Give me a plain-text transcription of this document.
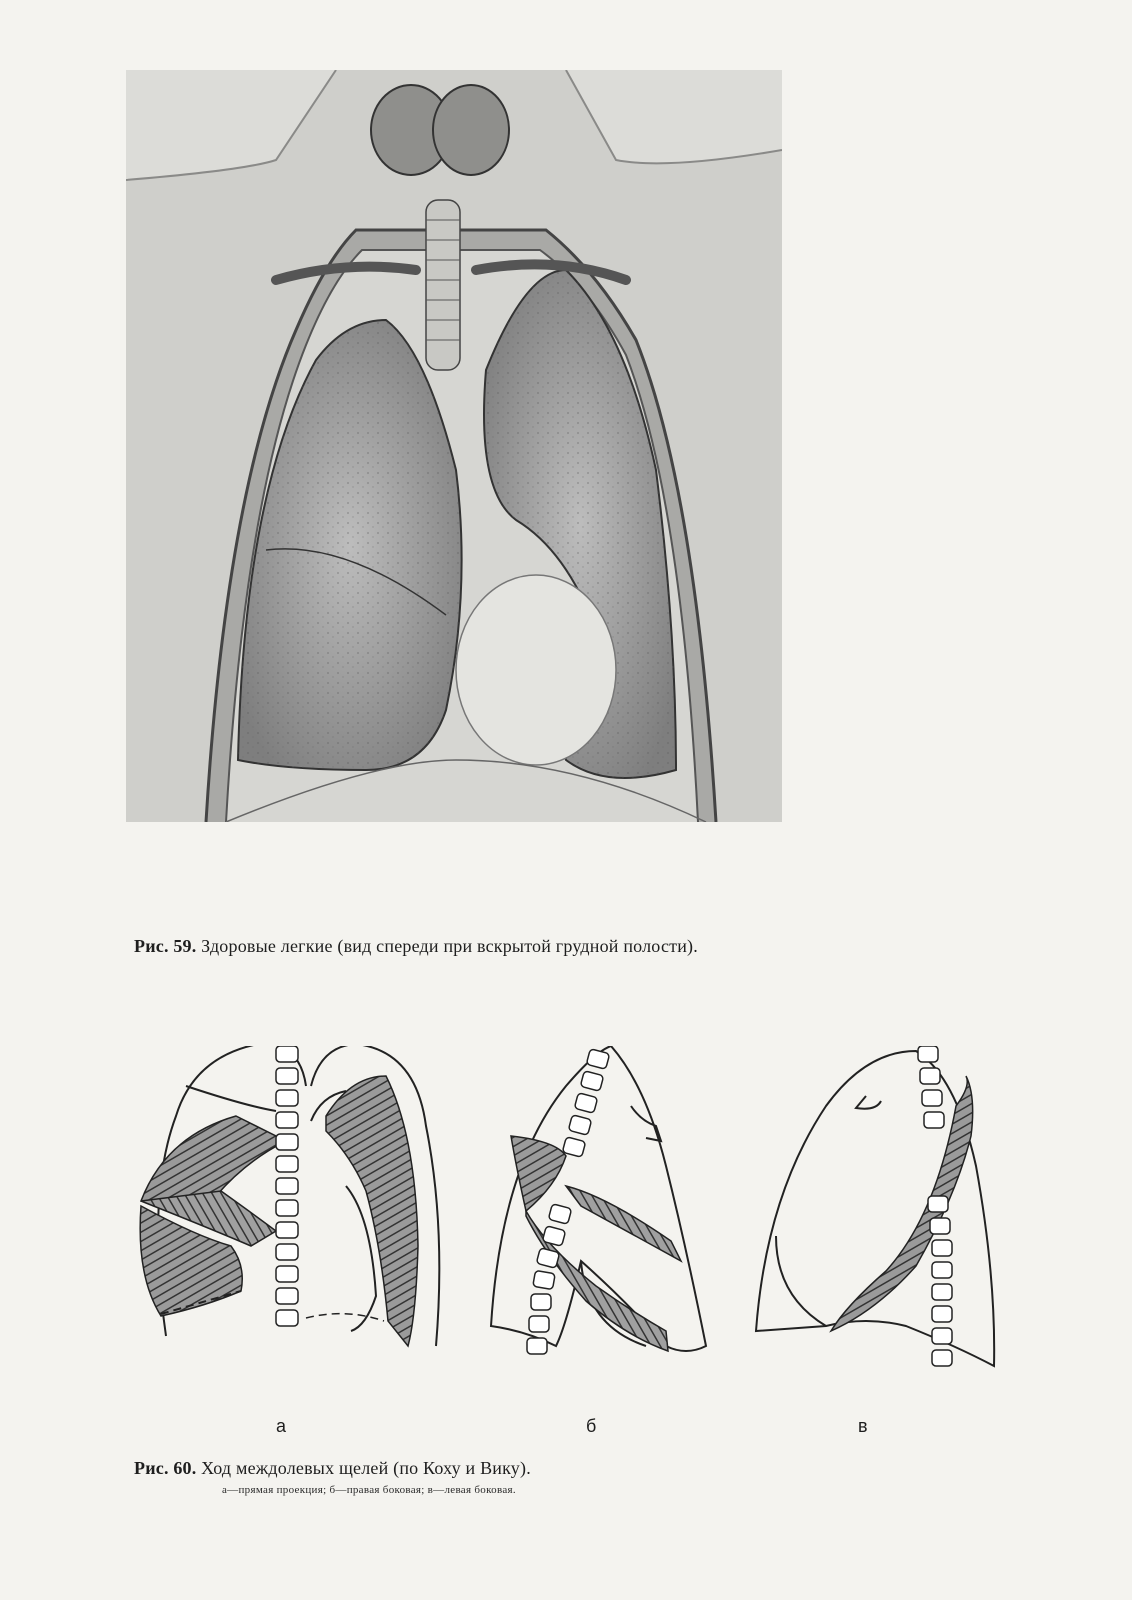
Рис. 59. Здоровые легкие (вид спереди при вскрытой грудной полости).
а	б	в
Рис. 60. Ход междолевых щелей (по Коху и Вику).
а—прямая проекция; б—правая боковая; в—левая боковая.
